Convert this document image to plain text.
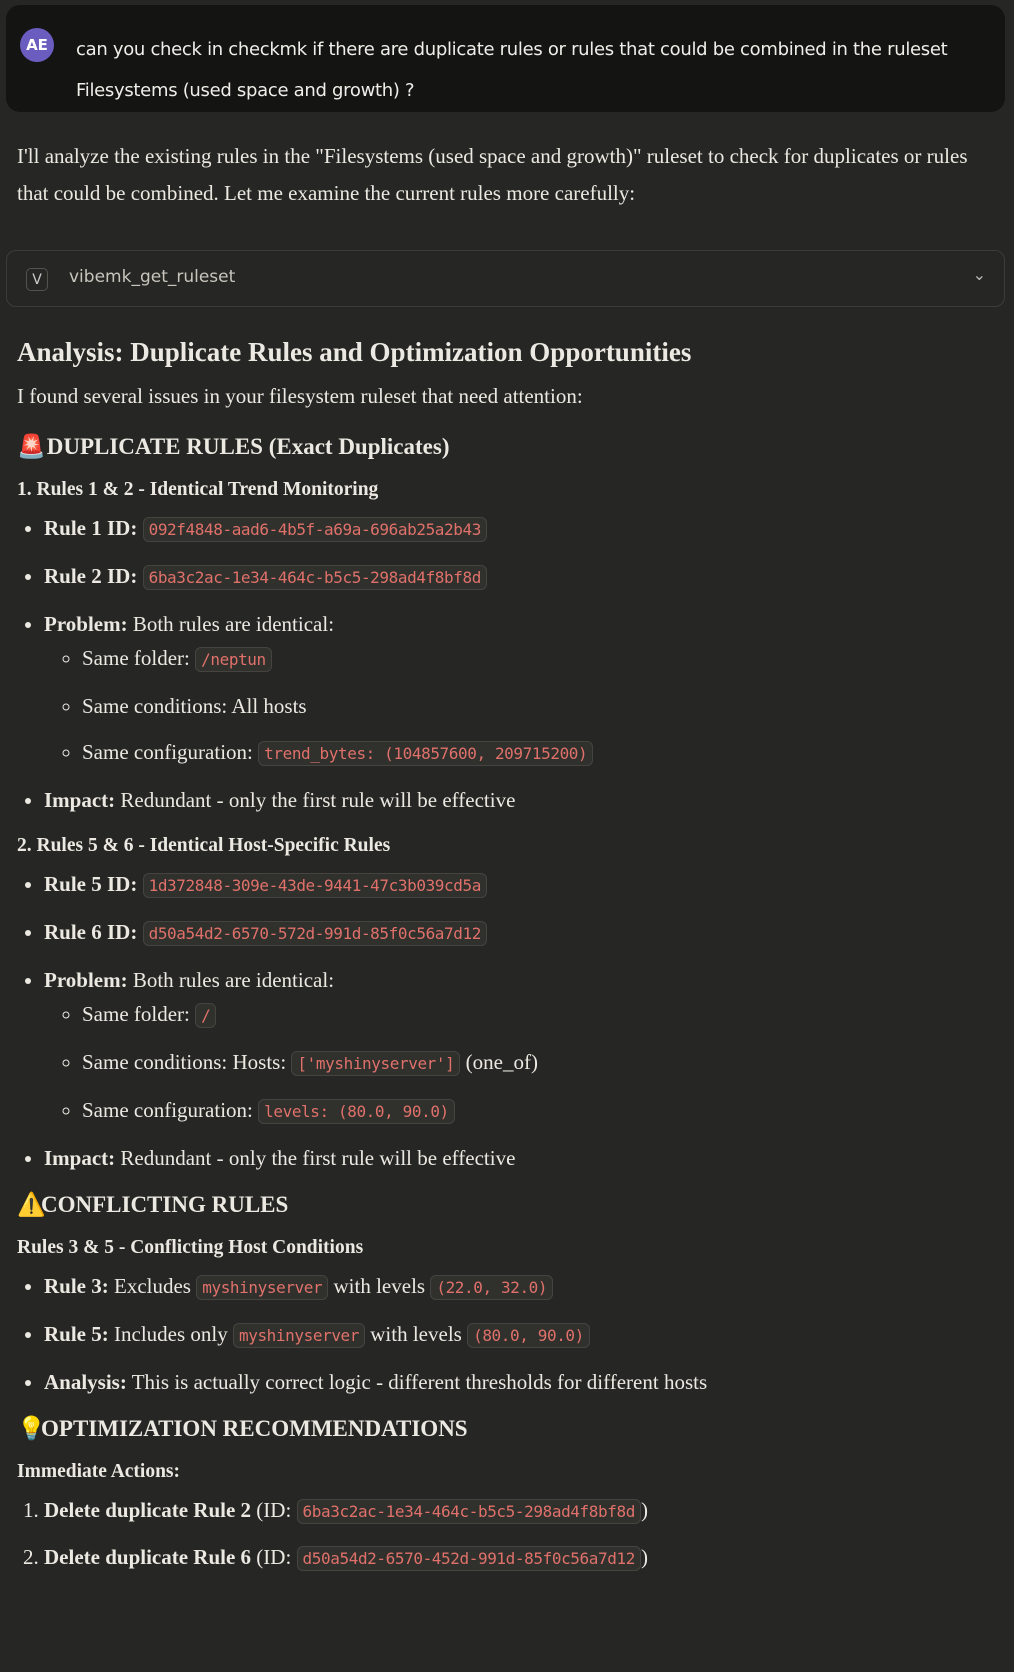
AE	can you check in checkmk if there are duplicate rules or rules that could be combined in the ruleset Filesystems (used space and growth) ?

I'll analyze the existing rules in the "Filesystems (used space and growth)" ruleset to check for duplicates or rules that could be combined. Let me examine the current rules more carefully:

V	vibemk_get_ruleset	⌄
Analysis: Duplicate Rules and Optimization Opportunities

I found several issues in your filesystem ruleset that need attention:

🚨 DUPLICATE RULES (Exact Duplicates)
1. Rules 1 & 2 - Identical Trend Monitoring
• Rule 1 ID: 092f4848-aad6-4b5f-a69a-696ab25a2b43
• Rule 2 ID: 6ba3c2ac-1e34-464c-b5c5-298ad4f8bf8d
• Problem: Both rules are identical:
◦ Same folder: /neptun
◦ Same conditions: All hosts
◦ Same configuration: trend_bytes: (104857600, 209715200)
• Impact: Redundant - only the first rule will be effective
2. Rules 5 & 6 - Identical Host-Specific Rules
• Rule 5 ID: 1d372848-309e-43de-9441-47c3b039cd5a
• Rule 6 ID: d50a54d2-6570-572d-991d-85f0c56a7d12
• Problem: Both rules are identical:
◦ Same folder: /
◦ Same conditions: Hosts: ['myshinyserver'] (one_of)
◦ Same configuration: levels: (80.0, 90.0)
• Impact: Redundant - only the first rule will be effective
⚠️CONFLICTING RULES
Rules 3 & 5 - Conflicting Host Conditions
• Rule 3: Excludes myshinyserver with levels (22.0, 32.0)
• Rule 5: Includes only myshinyserver with levels (80.0, 90.0)
• Analysis: This is actually correct logic - different thresholds for different hosts
💡OPTIMIZATION RECOMMENDATIONS
Immediate Actions:
1. Delete duplicate Rule 2 (ID: 6ba3c2ac-1e34-464c-b5c5-298ad4f8bf8d )
2. Delete duplicate Rule 6 (ID: d50a54d2-6570-452d-991d-85f0c56a7d12 )
